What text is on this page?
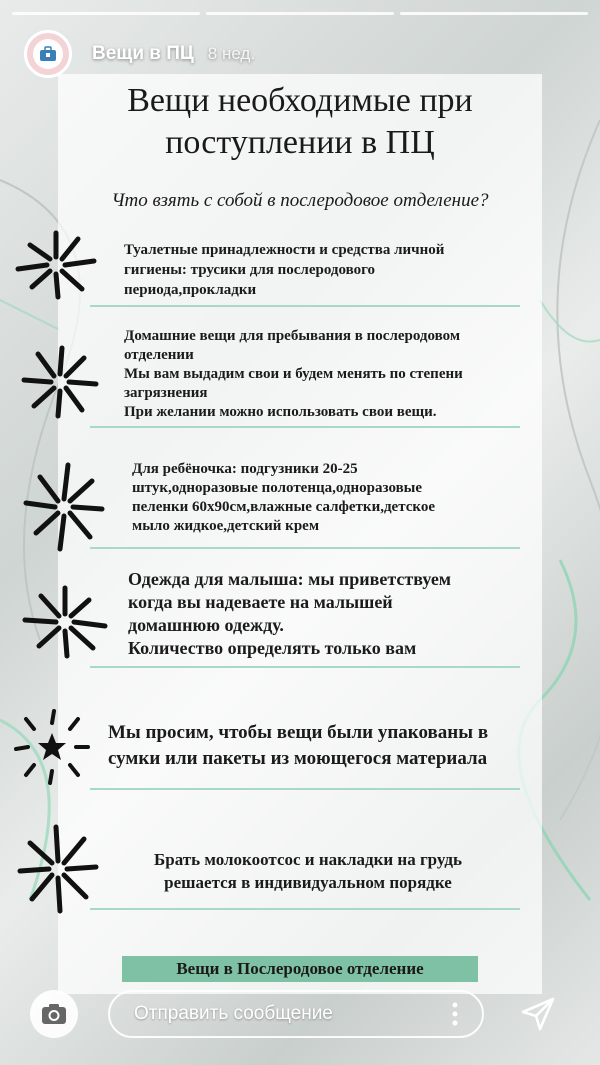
Вещи в ПЦ 8 нед.
Вещи необходимые при
поступлении в ПЦ
Что взять с собой в послеродовое отделение?
Туалетные принадлежности и средства личной
гигиены: трусики для послеродового
периода,прокладки
Домашние вещи для пребывания в послеродовом
отделении
Мы вам выдадим свои и будем менять по степени
загрязнения
При желании можно использовать свои вещи.
Для ребёночка: подгузники 20-25
штук,одноразовые полотенца,одноразовые
пеленки 60х90см,влажные салфетки,детское
мыло жидкое,детский крем
Одежда для малыша: мы приветствуем
когда вы надеваете на малышей
домашнюю одежду.
Количество определять только вам
Мы просим, чтобы вещи были упакованы в
сумки или пакеты из моющегося материала
Брать молокоотсос и накладки на грудь
решается в индивидуальном порядке
Вещи в Послеродовое отделение
Отправить сообщение
